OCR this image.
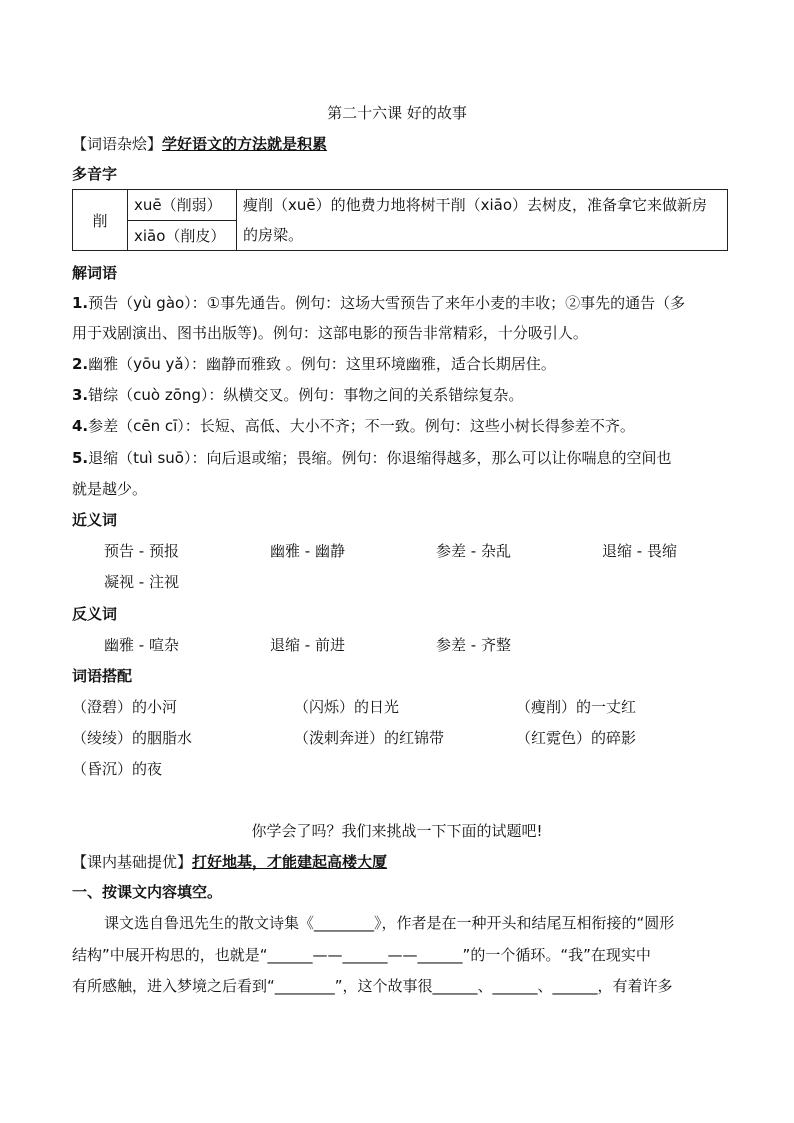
第二十六课 好的故事
【词语杂烩】学好语文的方法就是积累
多音字
削	xuē（削弱）	瘦削（xuē）的他费力地将树干削（xiāo）去树皮，准备拿它来做新房
的房梁。
xiāo（削皮）
解词语
1.预告（yù gào）：①事先通告。例句：这场大雪预告了来年小麦的丰收；②事先的通告（多
用于戏剧演出、图书出版等)。例句：这部电影的预告非常精彩，十分吸引人。
2.幽雅（yōu yǎ）：幽静而雅致 。例句：这里环境幽雅，适合长期居住。
3.错综（cuò zōng）：纵横交叉。例句：事物之间的关系错综复杂。
4.参差（cēn cī）：长短、高低、大小不齐；不一致。例句：这些小树长得参差不齐。
5.退缩（tuì suō）：向后退或缩；畏缩。例句：你退缩得越多，那么可以让你喘息的空间也
就是越少。
近义词
预告 - 预报	幽雅 - 幽静	参差 - 杂乱	退缩 - 畏缩
凝视 - 注视
反义词
幽雅 - 喧杂	退缩 - 前进	参差 - 齐整
词语搭配
（澄碧）的小河	（闪烁）的日光	（瘦削）的一丈红
（绫绫）的胭脂水	（泼剌奔迸）的红锦带	（红霓色）的碎影
（昏沉）的夜
你学会了吗？我们来挑战一下下面的试题吧!
【课内基础提优】打好地基，才能建起高楼大厦
一、按课文内容填空。
课文选自鲁迅先生的散文诗集《________》，作者是在一种开头和结尾互相衔接的“圆形
结构”中展开构思的，也就是“______——______——______”的一个循环。“我”在现实中
有所感触，进入梦境之后看到“________”，这个故事很______、______、______，有着许多
